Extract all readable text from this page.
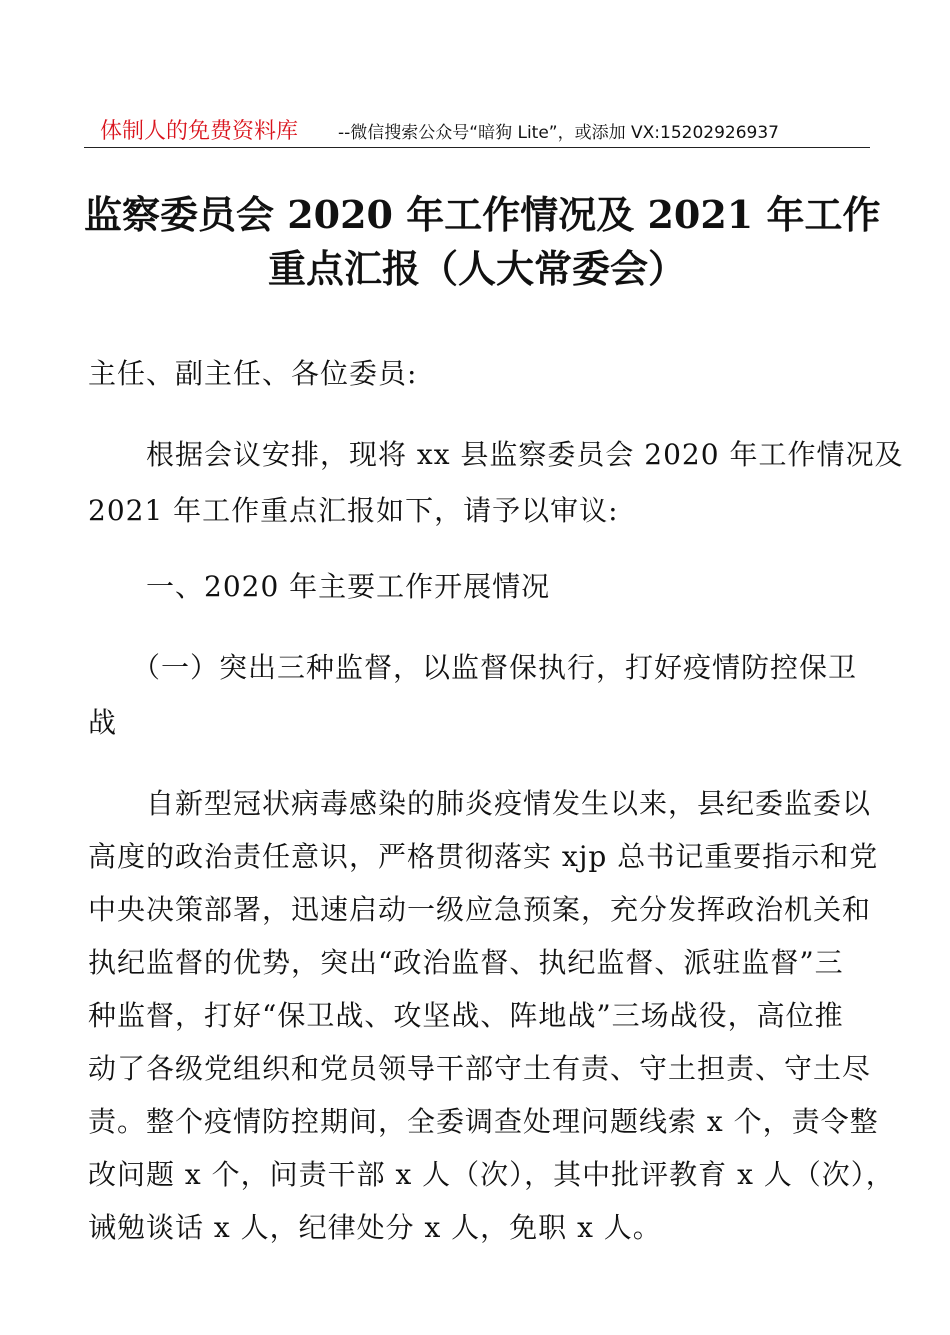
体制人的免费资料库 --微信搜索公众号“暗狗 Lite”，或添加 VX:15202926937
监察委员会 2020 年工作情况及 2021 年工作
重点汇报（人大常委会）
主任、副主任、各位委员:
　　根据会议安排，现将 xx 县监察委员会 2020 年工作情况及
2021 年工作重点汇报如下，请予以审议:
　　一、2020 年主要工作开展情况
　　（一）突出三种监督，以监督保执行，打好疫情防控保卫
战
　　自新型冠状病毒感染的肺炎疫情发生以来，县纪委监委以
高度的政治责任意识，严格贯彻落实 xjp 总书记重要指示和党
中央决策部署，迅速启动一级应急预案，充分发挥政治机关和
执纪监督的优势，突出“政治监督、执纪监督、派驻监督”三
种监督，打好“保卫战、攻坚战、阵地战”三场战役，高位推
动了各级党组织和党员领导干部守土有责、守土担责、守土尽
责。整个疫情防控期间，全委调查处理问题线索 x 个，责令整
改问题 x 个，问责干部 x 人（次），其中批评教育 x 人（次），
诫勉谈话 x 人，纪律处分 x 人，免职 x 人。
